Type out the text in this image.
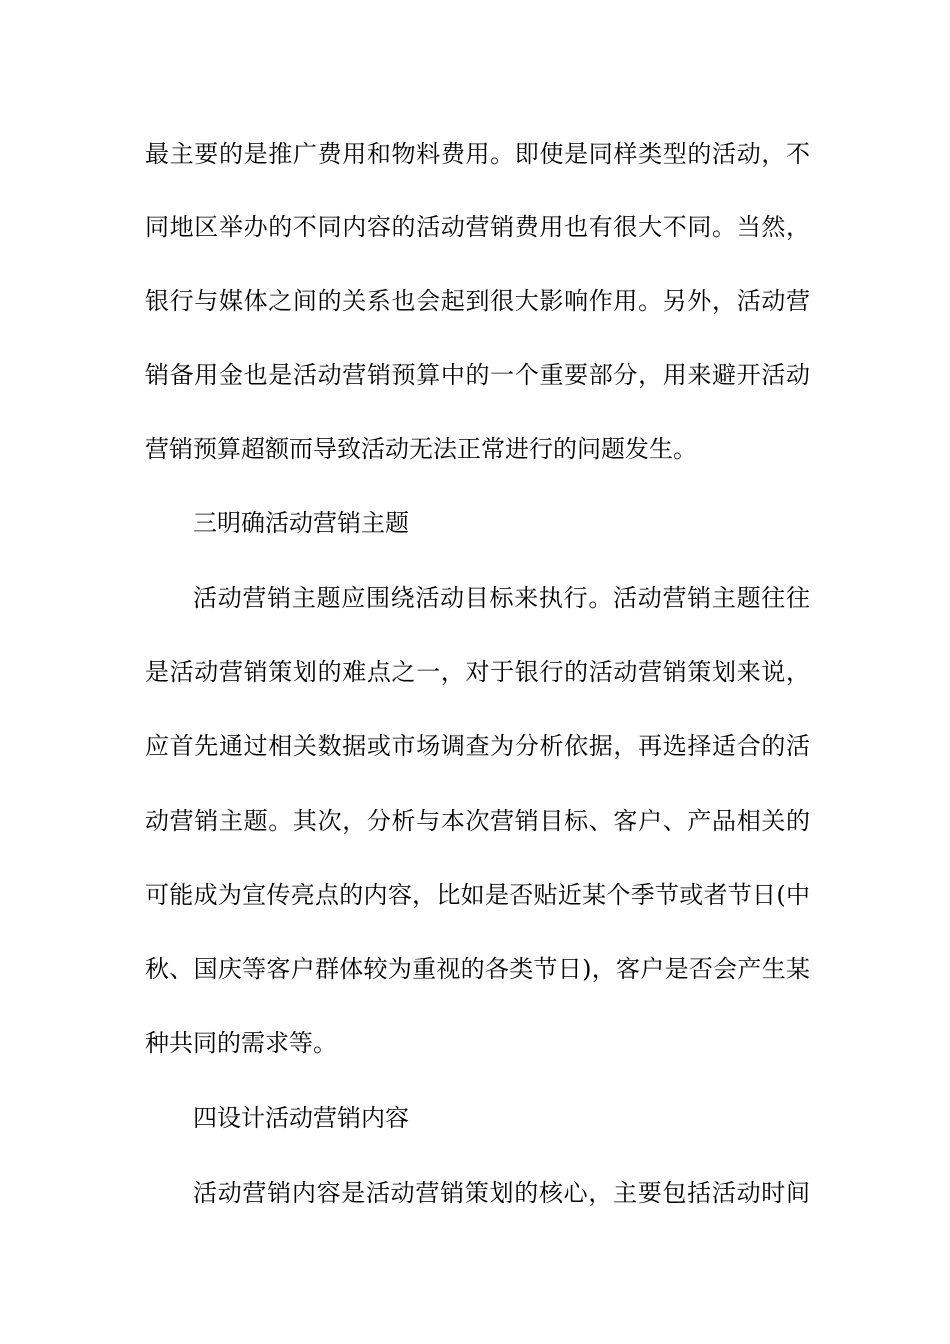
最主要的是推广费用和物料费用。即使是同样类型的活动，不
同地区举办的不同内容的活动营销费用也有很大不同。当然，
银行与媒体之间的关系也会起到很大影响作用。另外，活动营
销备用金也是活动营销预算中的一个重要部分，用来避开活动
营销预算超额而导致活动无法正常进行的问题发生。
三明确活动营销主题
活动营销主题应围绕活动目标来执行。活动营销主题往往
是活动营销策划的难点之一，对于银行的活动营销策划来说，
应首先通过相关数据或市场调查为分析依据，再选择适合的活
动营销主题。其次，分析与本次营销目标、客户、产品相关的
可能成为宣传亮点的内容，比如是否贴近某个季节或者节日(中
秋、国庆等客户群体较为重视的各类节日)，客户是否会产生某
种共同的需求等。
四设计活动营销内容
活动营销内容是活动营销策划的核心，主要包括活动时间
